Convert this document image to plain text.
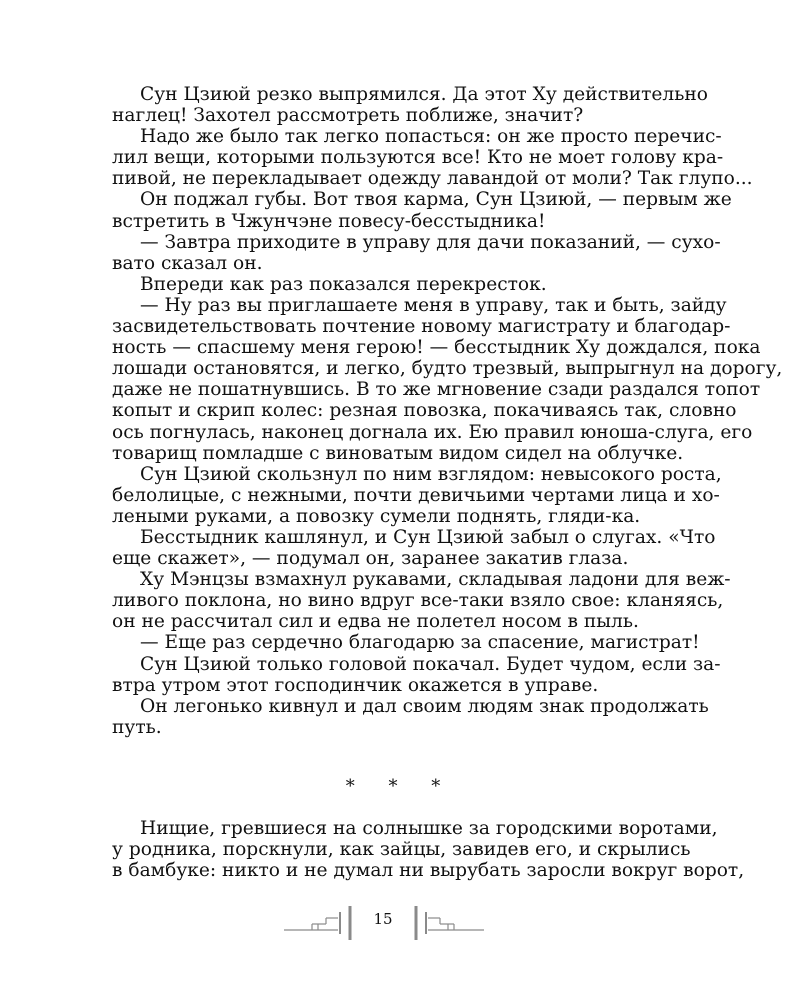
Сун Цзиюй резко выпрямился. Да этот Ху действительно
наглец! Захотел рассмотреть поближе, значит?
Надо же было так легко попасться: он же просто перечис-
лил вещи, которыми пользуются все! Кто не моет голову кра-
пивой, не перекладывает одежду лавандой от моли? Так глупо...
Он поджал губы. Вот твоя карма, Сун Цзиюй, — первым же
встретить в Чжунчэне повесу-бесстыдника!
— Завтра приходите в управу для дачи показаний, — сухо-
вато сказал он.
Впереди как раз показался перекресток.
— Ну раз вы приглашаете меня в управу, так и быть, зайду
засвидетельствовать почтение новому магистрату и благодар-
ность — спасшему меня герою! — бесстыдник Ху дождался, пока
лошади остановятся, и легко, будто трезвый, выпрыгнул на дорогу,
даже не пошатнувшись. В то же мгновение сзади раздался топот
копыт и скрип колес: резная повозка, покачиваясь так, словно
ось погнулась, наконец догнала их. Ею правил юноша-слуга, его
товарищ помладше с виноватым видом сидел на облучке.
Сун Цзиюй скользнул по ним взглядом: невысокого роста,
белолицые, с нежными, почти девичьими чертами лица и хо-
леными руками, а повозку сумели поднять, гляди-ка.
Бесстыдник кашлянул, и Сун Цзиюй забыл о слугах. «Что
еще скажет», — подумал он, заранее закатив глаза.
Ху Мэнцзы взмахнул рукавами, складывая ладони для веж-
ливого поклона, но вино вдруг все-таки взяло свое: кланяясь,
он не рассчитал сил и едва не полетел носом в пыль.
— Еще раз сердечно благодарю за спасение, магистрат!
Сун Цзиюй только головой покачал. Будет чудом, если за-
втра утром этот господинчик окажется в управе.
Он легонько кивнул и дал своим людям знак продолжать
путь.
* * *
Нищие, гревшиеся на солнышке за городскими воротами,
у родника, порскнули, как зайцы, завидев его, и скрылись
в бамбуке: никто и не думал ни вырубать заросли вокруг ворот,
15
